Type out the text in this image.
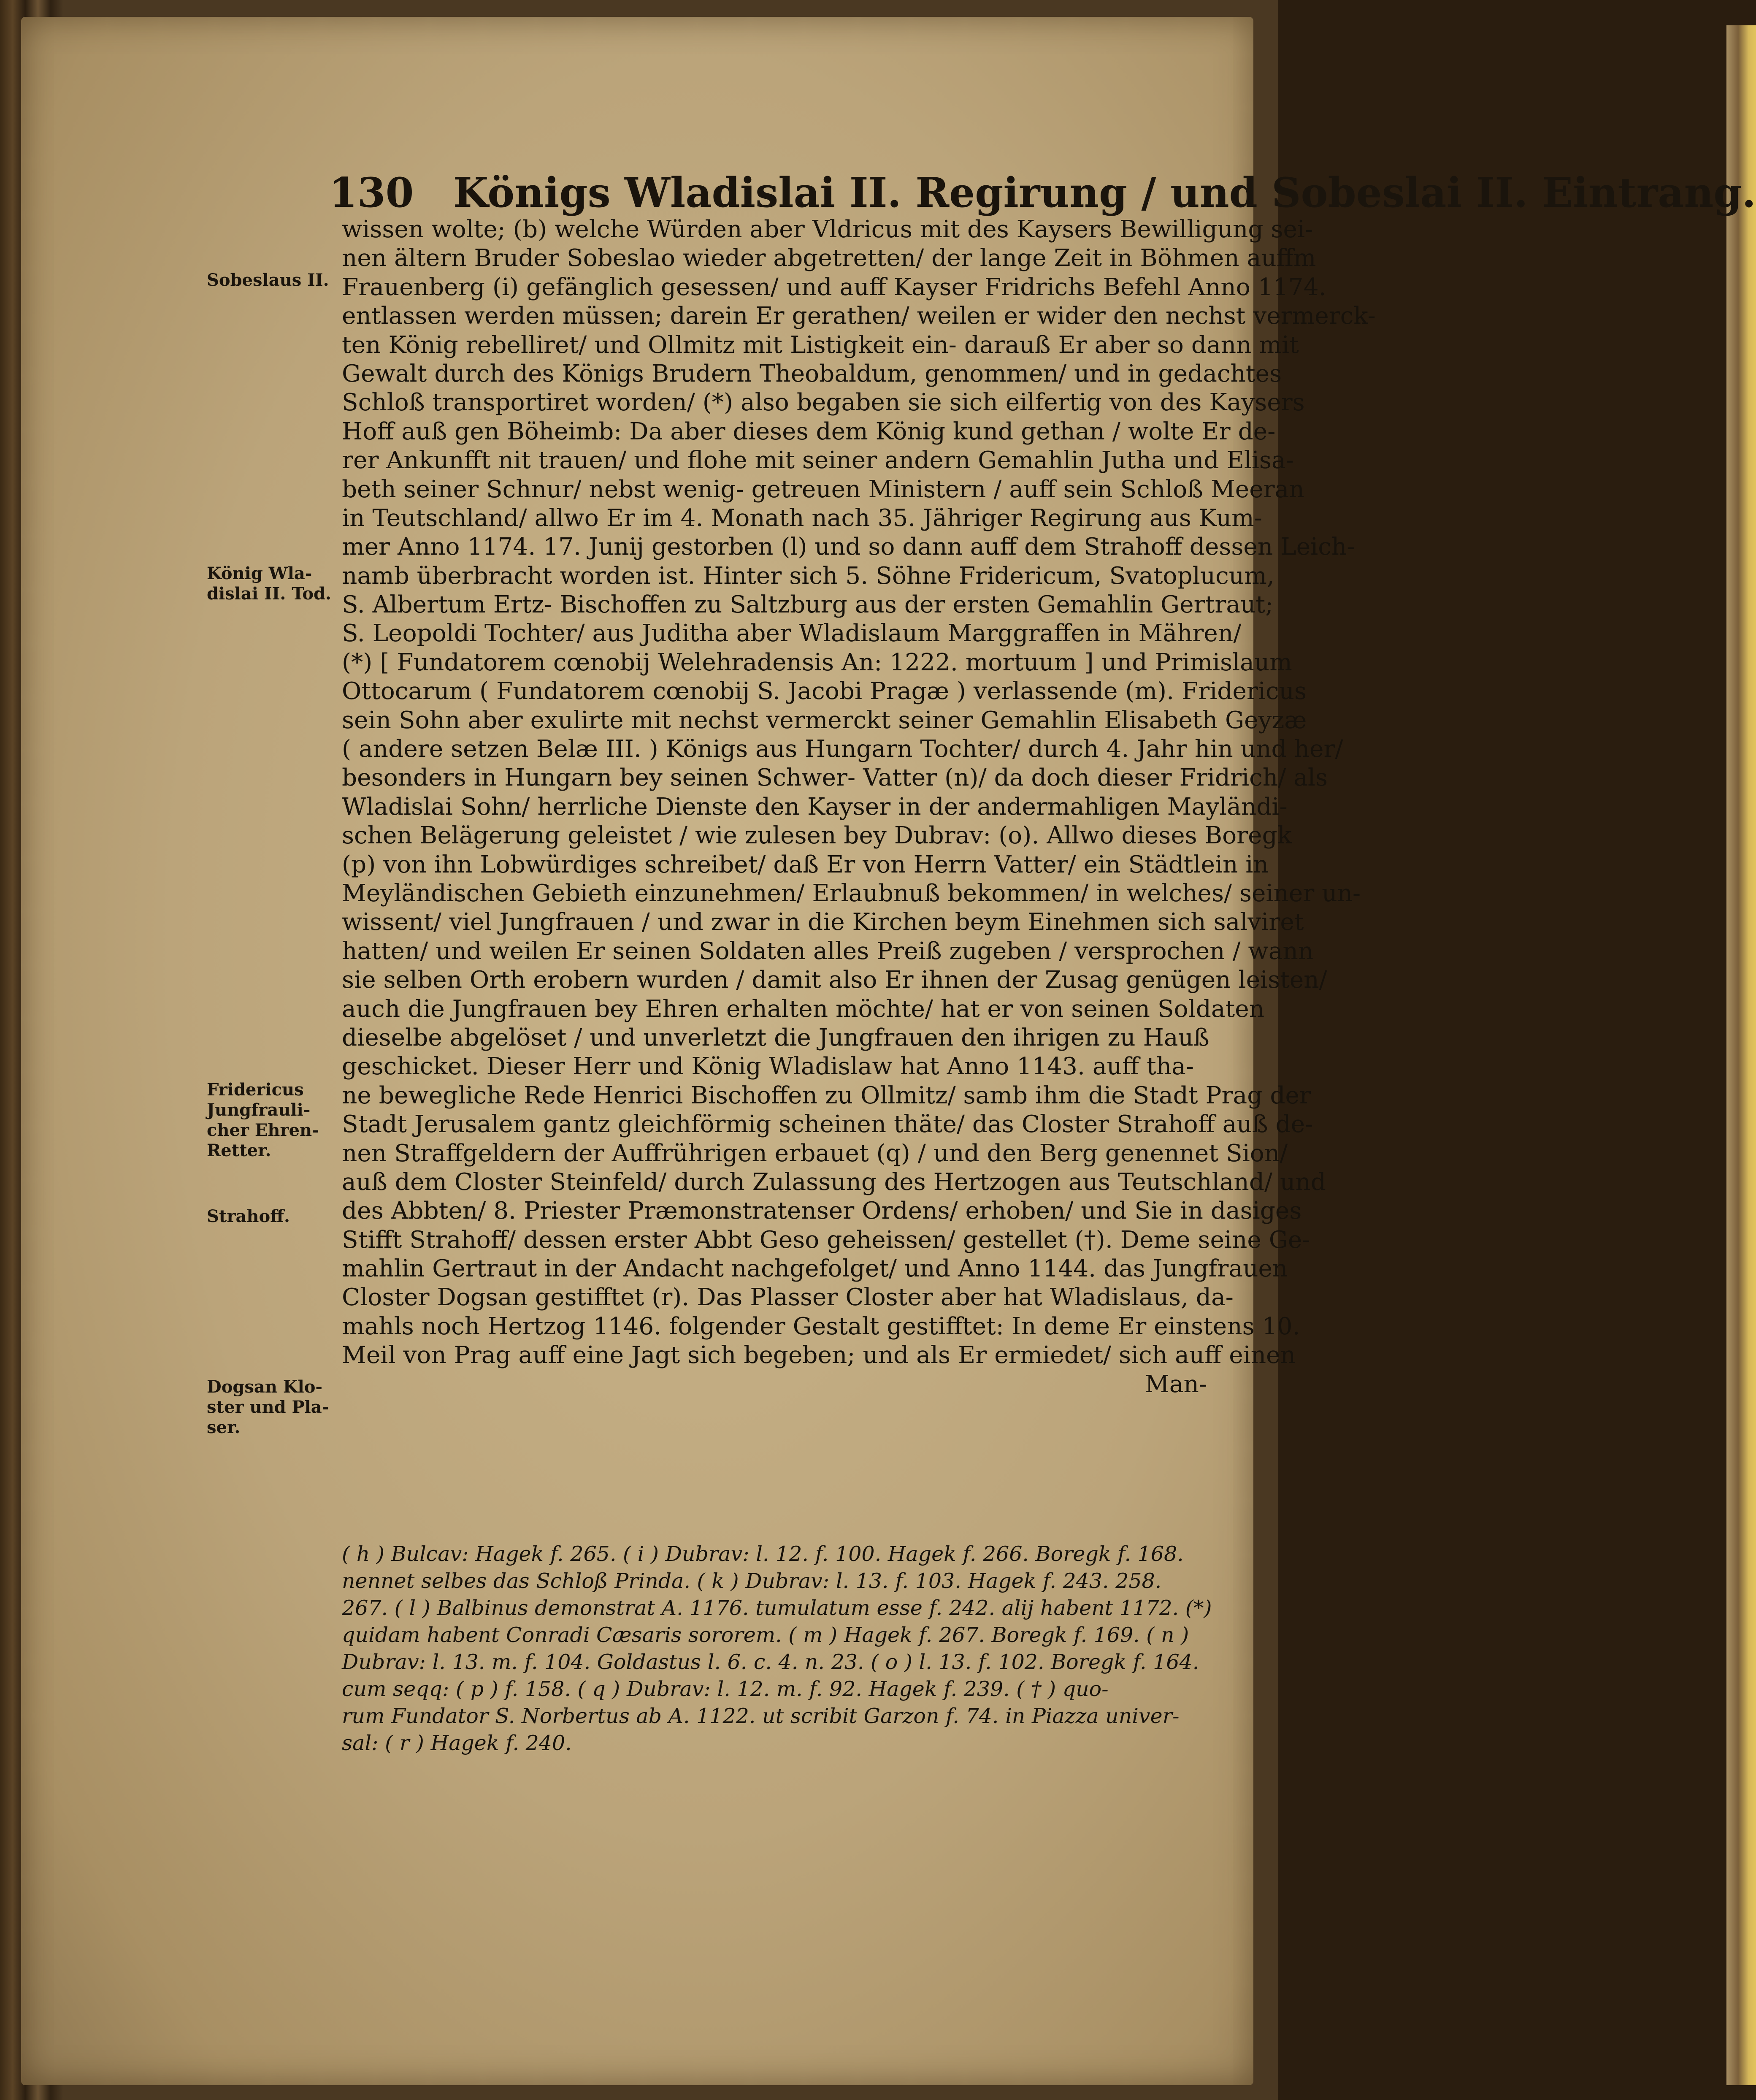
130 Königs Wladislai II. Regirung / und Sobeslai II. Eintrang.
Sobeslaus II.
König Wla-
dislai II. Tod.
Fridericus
Jungfrauli-
cher Ehren-
Retter.
Strahoff.
Dogsan Klo-
ster und Pla-
ser.
wissen wolte; (b) welche Würden aber Vldricus mit des Kaysers Bewilligung sei-
nen ältern Bruder Sobeslao wieder abgetretten/ der lange Zeit in Böhmen auffm
Frauenberg (i) gefänglich gesessen/ und auff Kayser Fridrichs Befehl Anno 1174.
entlassen werden müssen; darein Er gerathen/ weilen er wider den nechst vermerck-
ten König rebelliret/ und Ollmitz mit Listigkeit ein- darauß Er aber so dann mit
Gewalt durch des Königs Brudern Theobaldum, genommen/ und in gedachtes
Schloß transportiret worden/ (*) also begaben sie sich eilfertig von des Kaysers
Hoff auß gen Böheimb: Da aber dieses dem König kund gethan / wolte Er de-
rer Ankunfft nit trauen/ und flohe mit seiner andern Gemahlin Jutha und Elisa-
beth seiner Schnur/ nebst wenig- getreuen Ministern / auff sein Schloß Meeran
in Teutschland/ allwo Er im 4. Monath nach 35. Jähriger Regirung aus Kum-
mer Anno 1174. 17. Junij gestorben (l) und so dann auff dem Strahoff dessen Leich-
namb überbracht worden ist. Hinter sich 5. Söhne Fridericum, Svatoplucum,
S. Albertum Ertz- Bischoffen zu Saltzburg aus der ersten Gemahlin Gertraut;
S. Leopoldi Tochter/ aus Juditha aber Wladislaum Marggraffen in Mähren/
(*) [ Fundatorem cœnobij Welehradensis An: 1222. mortuum ] und Primislaum
Ottocarum ( Fundatorem cœnobij S. Jacobi Pragæ ) verlassende (m). Fridericus
sein Sohn aber exulirte mit nechst vermerckt seiner Gemahlin Elisabeth Geyzæ
( andere setzen Belæ III. ) Königs aus Hungarn Tochter/ durch 4. Jahr hin und her/
besonders in Hungarn bey seinen Schwer- Vatter (n)/ da doch dieser Fridrich/ als
Wladislai Sohn/ herrliche Dienste den Kayser in der andermahligen Mayländi-
schen Belägerung geleistet / wie zulesen bey Dubrav: (o). Allwo dieses Boregk
(p) von ihn Lobwürdiges schreibet/ daß Er von Herrn Vatter/ ein Städtlein in
Meyländischen Gebieth einzunehmen/ Erlaubnuß bekommen/ in welches/ seiner un-
wissent/ viel Jungfrauen / und zwar in die Kirchen beym Einehmen sich salviret
hatten/ und weilen Er seinen Soldaten alles Preiß zugeben / versprochen / wann
sie selben Orth erobern wurden / damit also Er ihnen der Zusag genügen leisten/
auch die Jungfrauen bey Ehren erhalten möchte/ hat er von seinen Soldaten
dieselbe abgelöset / und unverletzt die Jungfrauen den ihrigen zu Hauß
geschicket. Dieser Herr und König Wladislaw hat Anno 1143. auff tha-
ne bewegliche Rede Henrici Bischoffen zu Ollmitz/ samb ihm die Stadt Prag der
Stadt Jerusalem gantz gleichförmig scheinen thäte/ das Closter Strahoff auß de-
nen Straffgeldern der Auffrührigen erbauet (q) / und den Berg genennet Sion/
auß dem Closter Steinfeld/ durch Zulassung des Hertzogen aus Teutschland/ und
des Abbten/ 8. Priester Præmonstratenser Ordens/ erhoben/ und Sie in dasiges
Stifft Strahoff/ dessen erster Abbt Geso geheissen/ gestellet (†). Deme seine Ge-
mahlin Gertraut in der Andacht nachgefolget/ und Anno 1144. das Jungfrauen
Closter Dogsan gestifftet (r). Das Plasser Closter aber hat Wladislaus, da-
mahls noch Hertzog 1146. folgender Gestalt gestifftet: In deme Er einstens 10.
Meil von Prag auff eine Jagt sich begeben; und als Er ermiedet/ sich auff einen
Man-
( h ) Bulcav: Hagek f. 265. ( i ) Dubrav: l. 12. f. 100. Hagek f. 266. Boregk f. 168.
nennet selbes das Schloß Prinda. ( k ) Dubrav: l. 13. f. 103. Hagek f. 243. 258.
267. ( l ) Balbinus demonstrat A. 1176. tumulatum esse f. 242. alij habent 1172. (*)
quidam habent Conradi Cæsaris sororem. ( m ) Hagek f. 267. Boregk f. 169. ( n )
Dubrav: l. 13. m. f. 104. Goldastus l. 6. c. 4. n. 23. ( o ) l. 13. f. 102. Boregk f. 164.
cum seqq: ( p ) f. 158. ( q ) Dubrav: l. 12. m. f. 92. Hagek f. 239. ( † ) quo-
rum Fundator S. Norbertus ab A. 1122. ut scribit Garzon f. 74. in Piazza univer-
sal: ( r ) Hagek f. 240.
